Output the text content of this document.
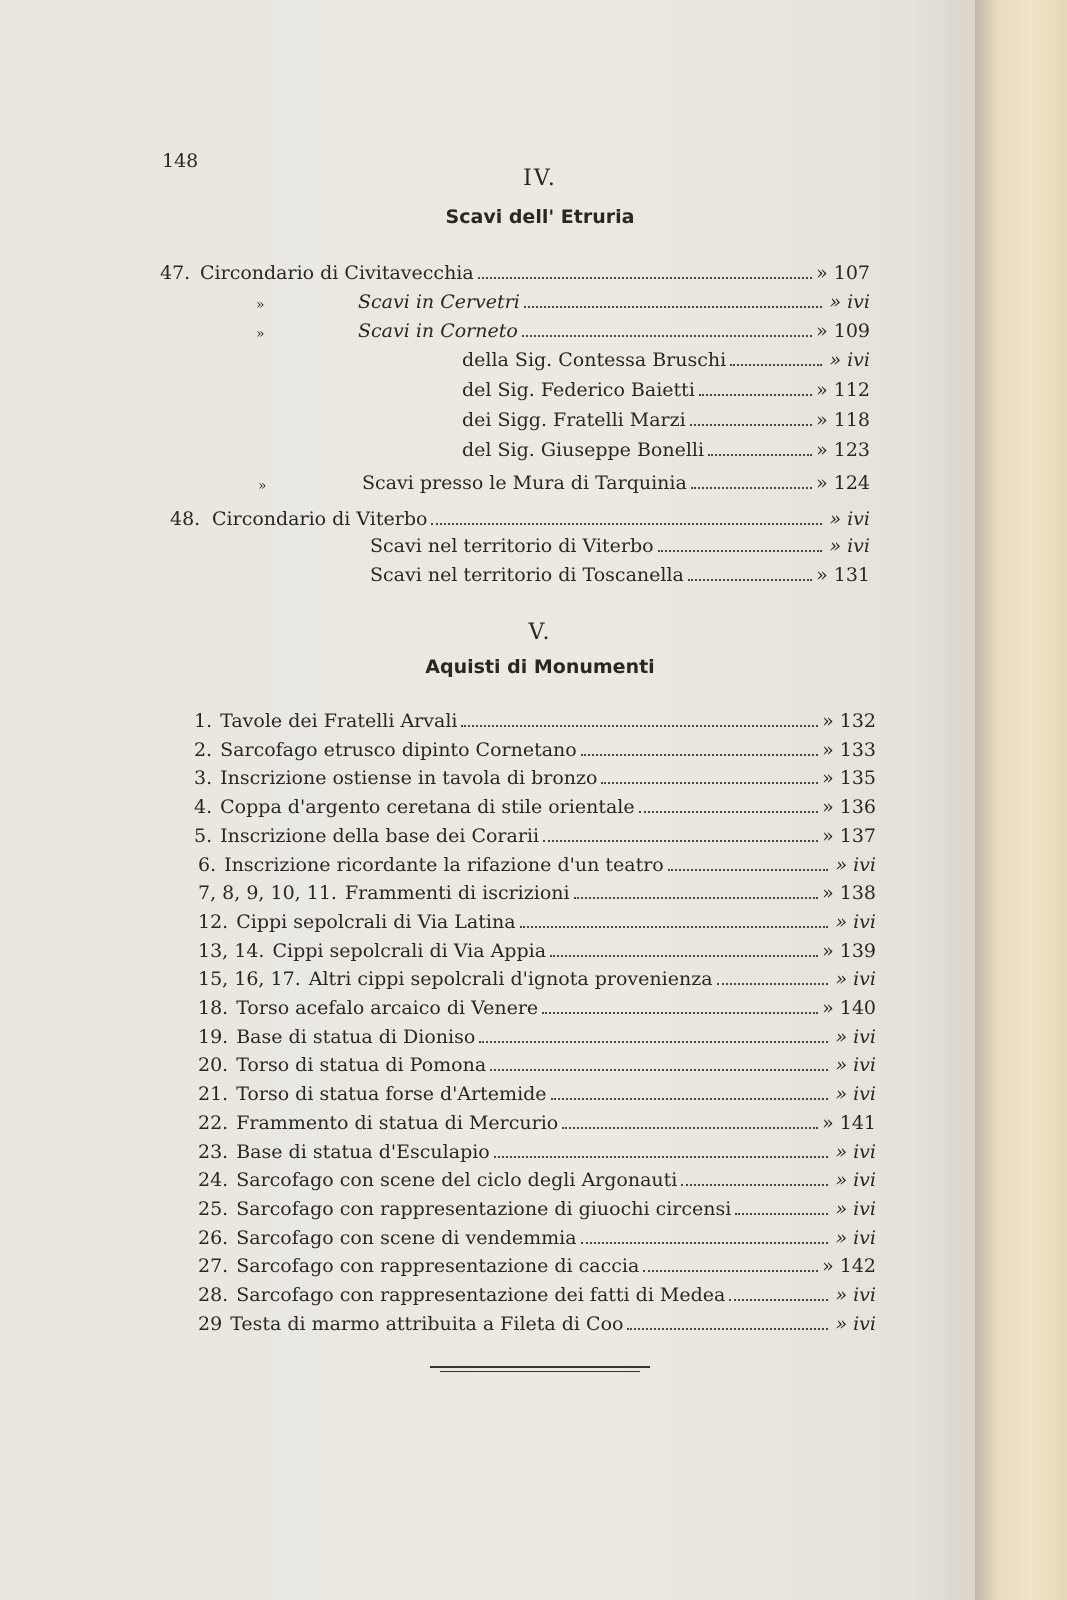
148
IV.
Scavi dell' Etruria
47. Circondario di Civitavecchia	» 107
»	Scavi in Cervetri	» ivi
»	Scavi in Corneto	» 109
della Sig. Contessa Bruschi	» ivi
del Sig. Federico Baietti	» 112
dei Sigg. Fratelli Marzi	» 118
del Sig. Giuseppe Bonelli	» 123
»	Scavi presso le Mura di Tarquinia	» 124
48. Circondario di Viterbo	» ivi
Scavi nel territorio di Viterbo	» ivi
Scavi nel territorio di Toscanella	» 131
V.
Aquisti di Monumenti
1. Tavole dei Fratelli Arvali	» 132
2. Sarcofago etrusco dipinto Cornetano	» 133
3. Inscrizione ostiense in tavola di bronzo	» 135
4. Coppa d'argento ceretana di stile orientale	» 136
5. Inscrizione della base dei Corarii	» 137
6. Inscrizione ricordante la rifazione d'un teatro	» ivi
7, 8, 9, 10, 11. Frammenti di iscrizioni	» 138
12. Cippi sepolcrali di Via Latina	» ivi
13, 14. Cippi sepolcrali di Via Appia	» 139
15, 16, 17. Altri cippi sepolcrali d'ignota provenienza	» ivi
18. Torso acefalo arcaico di Venere	» 140
19. Base di statua di Dioniso	» ivi
20. Torso di statua di Pomona	» ivi
21. Torso di statua forse d'Artemide	» ivi
22. Frammento di statua di Mercurio	» 141
23. Base di statua d'Esculapio	» ivi
24. Sarcofago con scene del ciclo degli Argonauti	» ivi
25. Sarcofago con rappresentazione di giuochi circensi	» ivi
26. Sarcofago con scene di vendemmia	» ivi
27. Sarcofago con rappresentazione di caccia	» 142
28. Sarcofago con rappresentazione dei fatti di Medea	» ivi
29 Testa di marmo attribuita a Fileta di Coo	» ivi
